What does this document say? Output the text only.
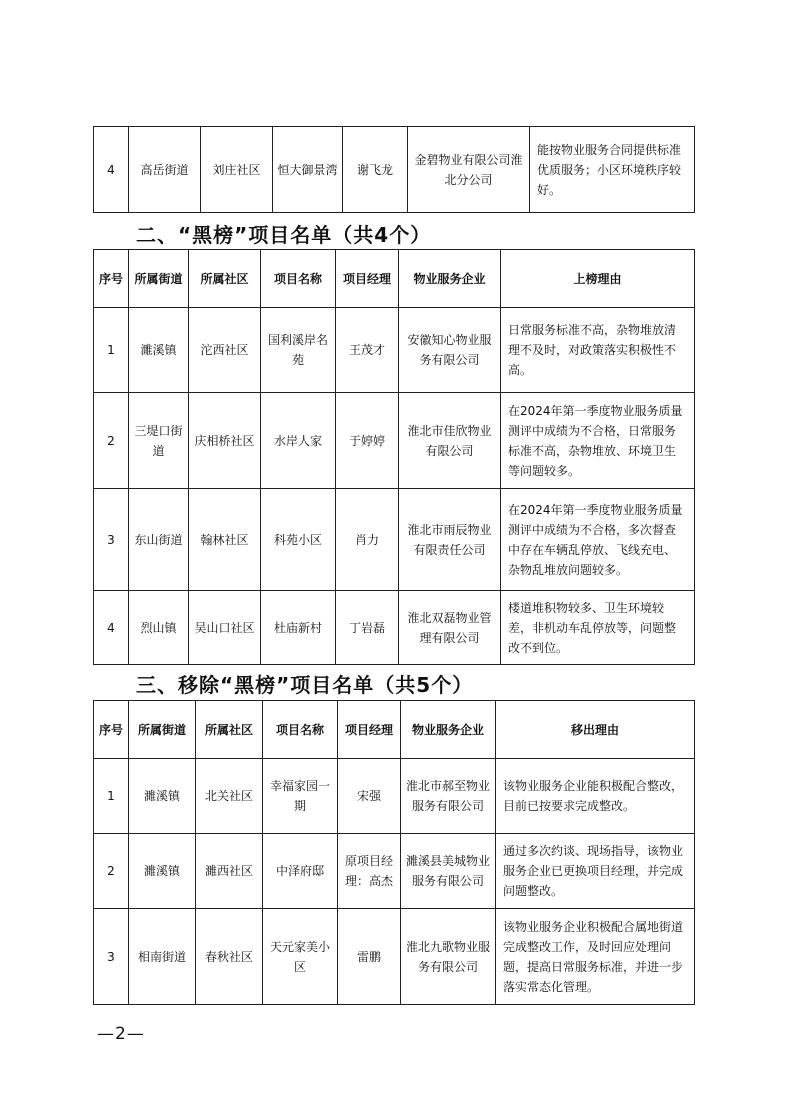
4	高岳街道	刘庄社区	恒大御景湾	谢飞龙	金碧物业有限公司淮北分公司	能按物业服务合同提供标准优质服务；小区环境秩序较好。
二、“黑榜”项目名单（共4个）
序号	所属街道	所属社区	项目名称	项目经理	物业服务企业	上榜理由
1	濉溪镇	沱西社区	国利溪岸名苑	王茂才	安徽知心物业服务有限公司	日常服务标准不高，杂物堆放清理不及时，对政策落实积极性不高。
2	三堤口街道	庆相桥社区	水岸人家	于婷婷	淮北市佳欣物业有限公司	在2024年第一季度物业服务质量测评中成绩为不合格，日常服务标准不高，杂物堆放、环境卫生等问题较多。
3	东山街道	翰林社区	科苑小区	肖力	淮北市雨辰物业有限责任公司	在2024年第一季度物业服务质量测评中成绩为不合格，多次督查中存在车辆乱停放、飞线充电、杂物乱堆放问题较多。
4	烈山镇	吴山口社区	杜庙新村	丁岩磊	淮北双磊物业管理有限公司	楼道堆积物较多、卫生环境较差，非机动车乱停放等，问题整改不到位。
三、移除“黑榜”项目名单（共5个）
序号	所属街道	所属社区	项目名称	项目经理	物业服务企业	移出理由
1	濉溪镇	北关社区	幸福家园一期	宋强	淮北市郝至物业服务有限公司	该物业服务企业能积极配合整改，目前已按要求完成整改。
2	濉溪镇	濉西社区	中泽府邸	原项目经理：高杰	濉溪县美城物业服务有限公司	通过多次约谈、现场指导，该物业服务企业已更换项目经理，并完成问题整改。
3	相南街道	春秋社区	天元家美小区	雷鹏	淮北九歌物业服务有限公司	该物业服务企业积极配合属地街道完成整改工作，及时回应处理问题，提高日常服务标准，并进一步落实常态化管理。
—2—
